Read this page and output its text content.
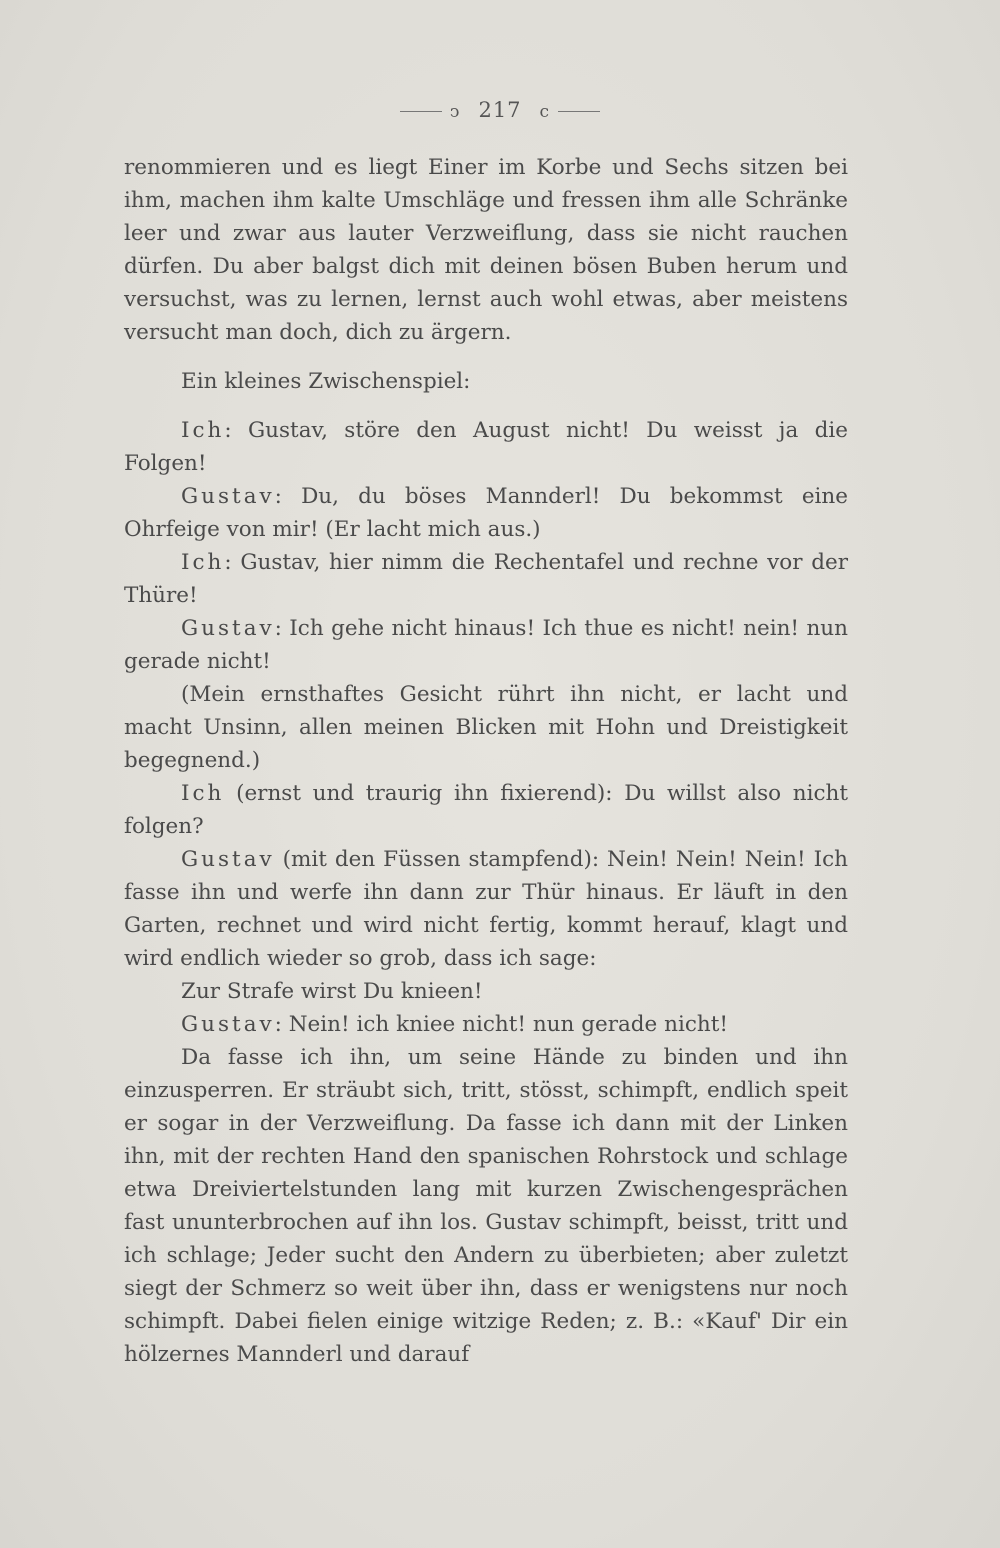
ↄ 217 c

renommieren und es liegt Einer im Korbe und Sechs sitzen bei ihm, machen ihm kalte Umschläge und fressen ihm alle Schränke leer und zwar aus lauter Verzweiflung, dass sie nicht rauchen dürfen. Du aber balgst dich mit deinen bösen Buben herum und versuchst, was zu lernen, lernst auch wohl etwas, aber meistens versucht man doch, dich zu ärgern.

Ein kleines Zwischenspiel:

Ich: Gustav, störe den August nicht! Du weisst ja die Folgen!

Gustav: Du, du böses Mannderl! Du bekommst eine Ohrfeige von mir! (Er lacht mich aus.)

Ich: Gustav, hier nimm die Rechentafel und rechne vor der Thüre!

Gustav: Ich gehe nicht hinaus! Ich thue es nicht! nein! nun gerade nicht!

(Mein ernsthaftes Gesicht rührt ihn nicht, er lacht und macht Unsinn, allen meinen Blicken mit Hohn und Dreistigkeit begegnend.)

Ich (ernst und traurig ihn fixierend): Du willst also nicht folgen?

Gustav (mit den Füssen stampfend): Nein! Nein! Nein! Ich fasse ihn und werfe ihn dann zur Thür hinaus. Er läuft in den Garten, rechnet und wird nicht fertig, kommt herauf, klagt und wird endlich wieder so grob, dass ich sage:

Zur Strafe wirst Du knieen!

Gustav: Nein! ich kniee nicht! nun gerade nicht!

Da fasse ich ihn, um seine Hände zu binden und ihn einzusperren. Er sträubt sich, tritt, stösst, schimpft, endlich speit er sogar in der Verzweiflung. Da fasse ich dann mit der Linken ihn, mit der rechten Hand den spanischen Rohrstock und schlage etwa Dreiviertelstunden lang mit kurzen Zwischengesprächen fast ununterbrochen auf ihn los. Gustav schimpft, beisst, tritt und ich schlage; Jeder sucht den Andern zu überbieten; aber zuletzt siegt der Schmerz so weit über ihn, dass er wenigstens nur noch schimpft. Dabei fielen einige witzige Reden; z. B.: «Kauf' Dir ein hölzernes Mannderl und darauf
